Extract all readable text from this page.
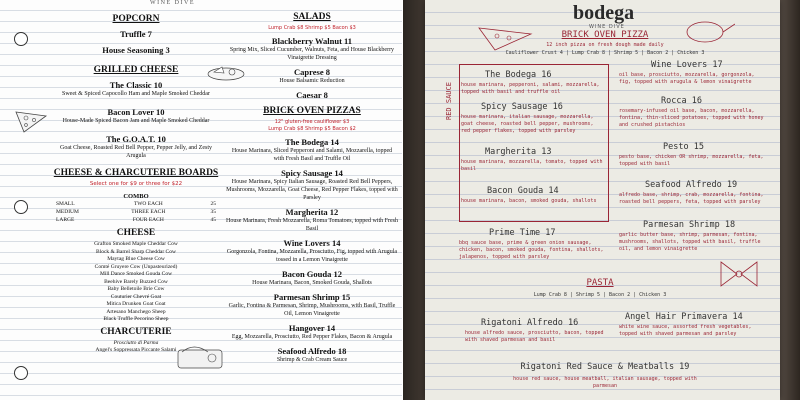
WINE DIVE
POPCORN
Truffle 7
House Seasoning 3
GRILLED CHEESE
The Classic 10
Sweet & Spiced Capocollo Ham and Maple Smoked Cheddar
Bacon Lover 10
House-Made Spiced Bacon Jam and Maple Smoked Cheddar
The G.O.A.T. 10
Goat Cheese, Roasted Red Bell Pepper, Pepper Jelly, and Zesty Arugula
CHEESE & CHARCUTERIE BOARDS
Select one for $9 or three for $22
COMBO
SMALL	TWO EACH	25
MEDIUM	THREE EACH	35
LARGE	FOUR EACH	45
CHEESE
Grafton Smoked Maple Cheddar Cow
Block & Barrel Sharp Cheddar Cow
Maytag Blue Cheese Cow
Comté Gruyere Cow (Unpasteurized)
Mill Dance Smoked Gouda Cow
Beehive Barely Buzzed Cow
Baby Belletoile Brie Cow
Couturier Chevré Goat
Mitica Drunken Goat Goat
Artesano Manchego Sheep
Black Truffle Pecorino Sheep
CHARCUTERIE
Prosciutto di Parma
Angel's Soppressata Piccante Salami
SALADS
Lump Crab $8 Shrimp $5 Bacon $3
Blackberry Walnut 11
Spring Mix, Sliced Cucumber, Walnuts, Feta, and House Blackberry Vinaigrette Dressing
Caprese 8
House Balsamic Reduction
Caesar 8
BRICK OVEN PIZZAS
12" gluten-free cauliflower $3
Lump Crab $8 Shrimp $5 Bacon $2
The Bodega 14
House Marinara, Sliced Pepperoni and Salami, Mozzarella, topped with Fresh Basil and Truffle Oil
Spicy Sausage 14
House Marinara, Spicy Italian Sausage, Roasted Red Bell Peppers, Mushrooms, Mozzarella, Goat Cheese, Red Pepper Flakes, topped with Parsley
Margherita 12
House Marinara, Fresh Mozzarella, Roma Tomatoes, topped with Fresh Basil
Wine Lovers 14
Gorgonzola, Fontina, Mozzarella, Prosciutto, Fig, topped with Arugula tossed in a Lemon Vinaigrette
Bacon Gouda 12
House Marinara, Bacon, Smoked Gouda, Shallots
Parmesan Shrimp 15
Garlic, Fontina & Parmesan, Shrimp, Mushrooms, with Basil, Truffle Oil, Lemon Vinaigrette
Hangover 14
Egg, Mozzarella, Prosciutto, Red Pepper Flakes, Bacon & Arugula
Seafood Alfredo 18
Shrimp & Crab Cream Sauce
bodega
WINE DIVE
BRICK OVEN PIZZA
12 inch pizza on fresh dough made daily
Cauliflower Crust 4 | Lump Crab 8 | Shrimp 5 | Bacon 2 | Chicken 3
RED SAUCE
The Bodega 16
house marinara, pepperoni, salami, mozzarella, topped with basil and truffle oil
Spicy Sausage 16
house marinara, italian sausage, mozzarella, goat cheese, roasted bell pepper, mushrooms, red pepper flakes, topped with parsley
Margherita 13
house marinara, mozzarella, tomato, topped with basil
Bacon Gouda 14
house marinara, bacon, smoked gouda, shallots
Prime Time 17
bbq sauce base, prime & green onion sausage, chicken, bacon, smoked gouda, fontina, shallots, jalapenos, topped with parsley
Wine Lovers 17
oil base, prosciutto, mozzarella, gorgonzola, fig, topped with arugula & lemon vinaigrette
Rocca 16
rosemary-infused oil base, bacon, mozzarella, fontina, thin-sliced potatoes, topped with honey and crushed pistachios
Pesto 15
pesto base, chicken OR shrimp, mozzarella, feta, topped with basil
Seafood Alfredo 19
alfredo base, shrimp, crab, mozzarella, fontina, roasted bell peppers, feta, topped with parsley
Parmesan Shrimp 18
garlic butter base, shrimp, parmesan, fontina, mushrooms, shallots, topped with basil, truffle oil, and lemon vinaigrette
PASTA
Lump Crab 8 | Shrimp 5 | Bacon 2 | Chicken 3
Rigatoni Alfredo 16
house alfredo sauce, prosciutto, bacon, topped with shaved parmesan and basil
Angel Hair Primavera 14
white wine sauce, assorted fresh vegetables, topped with shaved parmesan and parsley
Rigatoni Red Sauce & Meatballs 19
house red sauce, house meatball, italian sausage, topped with parmesan
